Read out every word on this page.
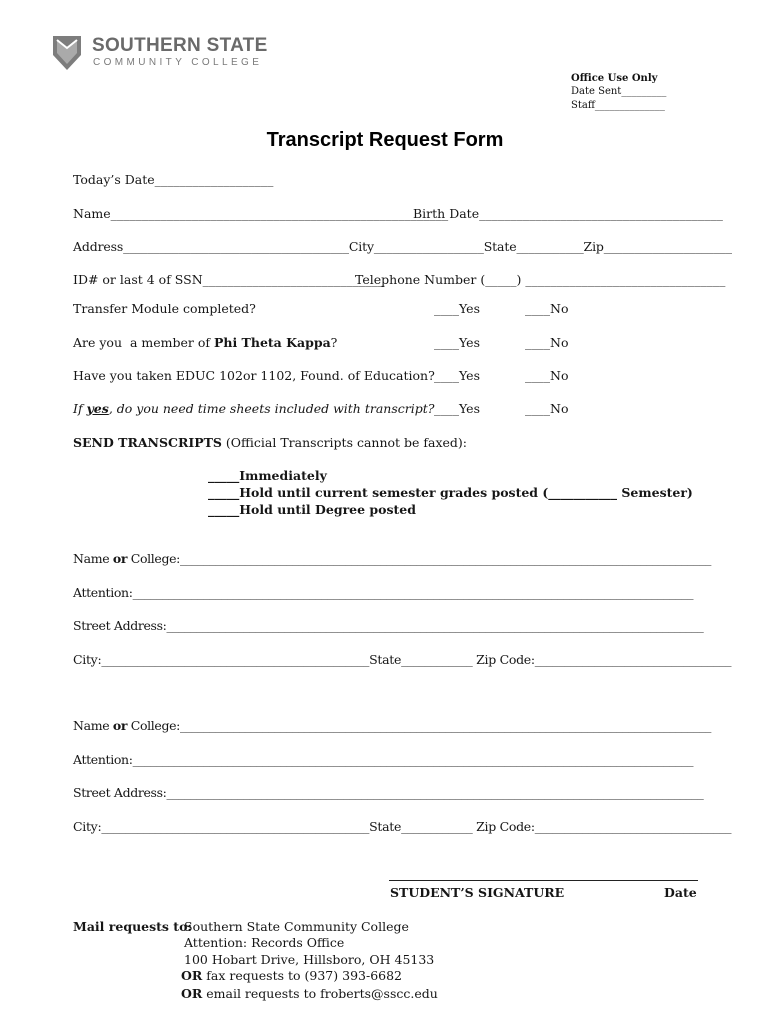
SOUTHERN STATE
COMMUNITY COLLEGE
Office Use Only
Date Sent_________
Staff______________
Transcript Request Form
Today’s Date___________________
Name______________________________________________________
Birth Date_______________________________________
Address_____________________________________City__________________State___________Zip_____________________
ID# or last 4 of SSN_____________________________
Telephone Number (_____) ________________________________
Transfer Module completed?	____Yes	____No
Are you  a member of Phi Theta Kappa?	____Yes	____No
Have you taken EDUC 102or 1102, Found. of Education? ____Yes	____No
If yes, do you need time sheets included with transcript? ____Yes	____No
SEND TRANSCRIPTS (Official Transcripts cannot be faxed):
_____Immediately
_____Hold until current semester grades posted (___________ Semester)
_____Hold until Degree posted
Name or College:__________________________________________________________________________________________
Attention:_______________________________________________________________________________________________
Street Address:___________________________________________________________________________________________
City:_____________________________________________State____________ Zip Code:_________________________________
Name or College:__________________________________________________________________________________________
Attention:_______________________________________________________________________________________________
Street Address:___________________________________________________________________________________________
City:_____________________________________________State____________ Zip Code:_________________________________
STUDENT’S SIGNATURE	Date
Mail requests to:
Southern State Community College
Attention: Records Office
100 Hobart Drive, Hillsboro, OH 45133
OR fax requests to (937) 393-6682
OR email requests to froberts@sscc.edu
